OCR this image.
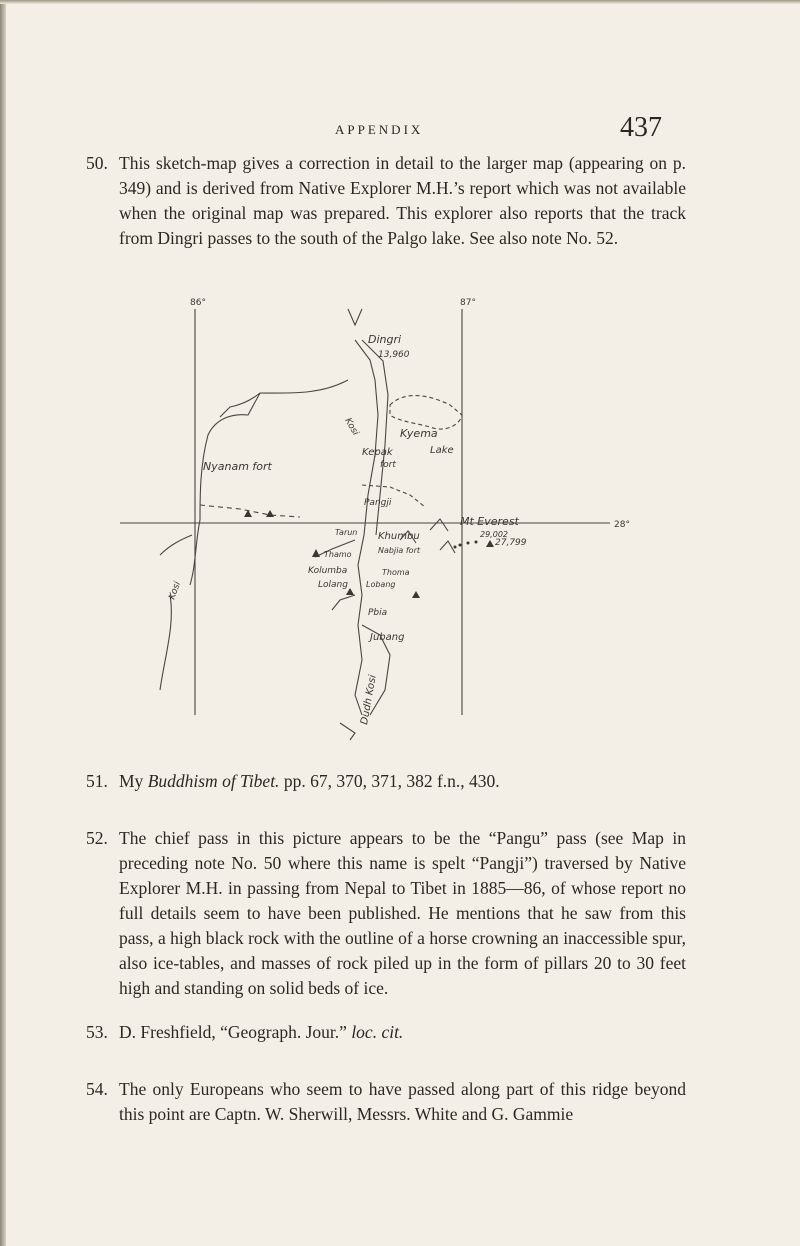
APPENDIX	437
50. This sketch-map gives a correction in detail to the larger map (appearing on p. 349) and is derived from Native Explorer M.H.’s report which was not available when the original map was prepared. This explorer also reports that the track from Dingri passes to the south of the Palgo lake. See also note No. 52.
86°	87°
28°
Dingri
13,960
Nyanam fort
Kyema
Lake
Kepak
fort
Pangji
Mt Everest
29,002
27,799
Tarun Khumbu
Nabjia fort
Thamo
Kolumba
Lolang Lobang
Thoma
Pbia
Jubang
Dudh Kosi
Kosi
Kosi
51. My Buddhism of Tibet. pp. 67, 370, 371, 382 f.n., 430.
52. The chief pass in this picture appears to be the “Pangu” pass (see Map in preceding note No. 50 where this name is spelt “Pangji”) traversed by Native Explorer M.H. in passing from Nepal to Tibet in 1885—86, of whose report no full details seem to have been published. He mentions that he saw from this pass, a high black rock with the outline of a horse crowning an inaccessible spur, also ice-tables, and masses of rock piled up in the form of pillars 20 to 30 feet high and standing on solid beds of ice.
53. D. Freshfield, “Geograph. Jour.” loc. cit.
54. The only Europeans who seem to have passed along part of this ridge beyond this point are Captn. W. Sherwill, Messrs. White and G. Gammie
